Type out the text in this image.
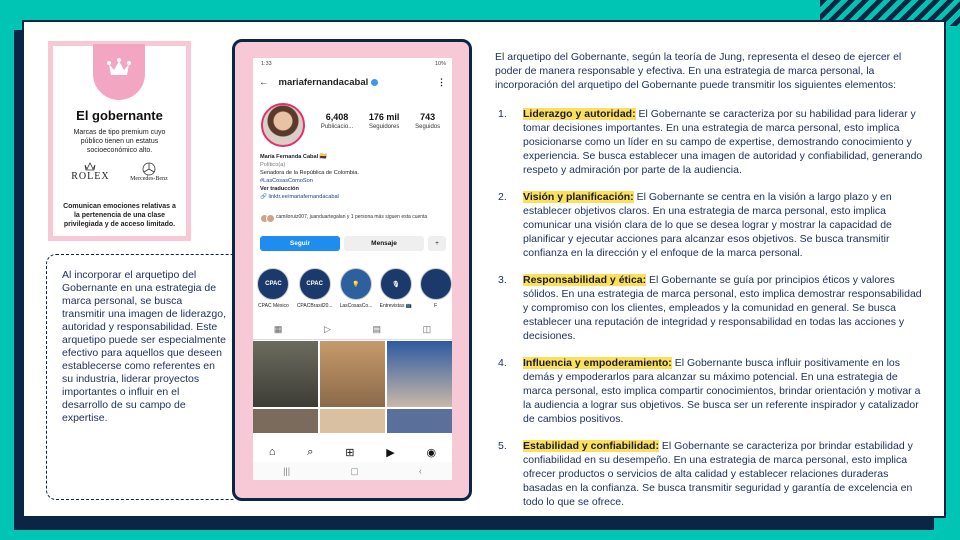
El gobernante
Marcas de tipo premium cuyo público tienen un estatus socioeconómico alto.
ROLEX	Mercedes-Benz
Comunican emociones relativas a la pertenencia de una clase privilegiada y de acceso limitado.
Al incorporar el arquetipo del Gobernante en una estrategia de marca personal, se busca transmitir una imagen de liderazgo, autoridad y responsabilidad. Este arquetipo puede ser especialmente efectivo para aquellos que deseen establecerse como referentes en su industria, liderar proyectos importantes o influir en el desarrollo de su campo de expertise.
1:33	10%
← mariafernandacabal	⋮
6,408
Publicacio...
176 mil
Seguidores
743
Seguidos
María Fernanda Cabal 🇨🇴
Político(a)
Senadora de la República de Colombia.
#LasCosasComoSon
Ver traducción
🔗 linktr.ee/mariafernandacabal
camiloruiz007, juanduartegalan y 1 persona más siguen esta cuenta
Seguir	Mensaje	+
CPAC
CPAC México
CPAC
CPACBrasil20...
💡
LasCosasCo...
🎙
Entrevistas 📺	F
▦	▷	▤	◫
⌂	⌕	⊞	▶	◉
|||	▢	‹

El arquetipo del Gobernante, según la teoría de Jung, representa el deseo de ejercer el poder de manera responsable y efectiva. En una estrategia de marca personal, la incorporación del arquetipo del Gobernante puede transmitir los siguientes elementos:

1.	Liderazgo y autoridad: El Gobernante se caracteriza por su habilidad para liderar y tomar decisiones importantes. En una estrategia de marca personal, esto implica posicionarse como un líder en su campo de expertise, demostrando conocimiento y experiencia. Se busca establecer una imagen de autoridad y confiabilidad, generando respeto y admiración por parte de la audiencia.
2.	Visión y planificación: El Gobernante se centra en la visión a largo plazo y en establecer objetivos claros. En una estrategia de marca personal, esto implica comunicar una visión clara de lo que se desea lograr y mostrar la capacidad de planificar y ejecutar acciones para alcanzar esos objetivos. Se busca transmitir confianza en la dirección y el enfoque de la marca personal.
3.	Responsabilidad y ética: El Gobernante se guía por principios éticos y valores sólidos. En una estrategia de marca personal, esto implica demostrar responsabilidad y compromiso con los clientes, empleados y la comunidad en general. Se busca establecer una reputación de integridad y responsabilidad en todas las acciones y decisiones.
4.	Influencia y empoderamiento: El Gobernante busca influir positivamente en los demás y empoderarlos para alcanzar su máximo potencial. En una estrategia de marca personal, esto implica compartir conocimientos, brindar orientación y motivar a la audiencia a lograr sus objetivos. Se busca ser un referente inspirador y catalizador de cambios positivos.
5.	Estabilidad y confiabilidad: El Gobernante se caracteriza por brindar estabilidad y confiabilidad en su desempeño. En una estrategia de marca personal, esto implica ofrecer productos o servicios de alta calidad y establecer relaciones duraderas basadas en la confianza. Se busca transmitir seguridad y garantía de excelencia en todo lo que se ofrece.
